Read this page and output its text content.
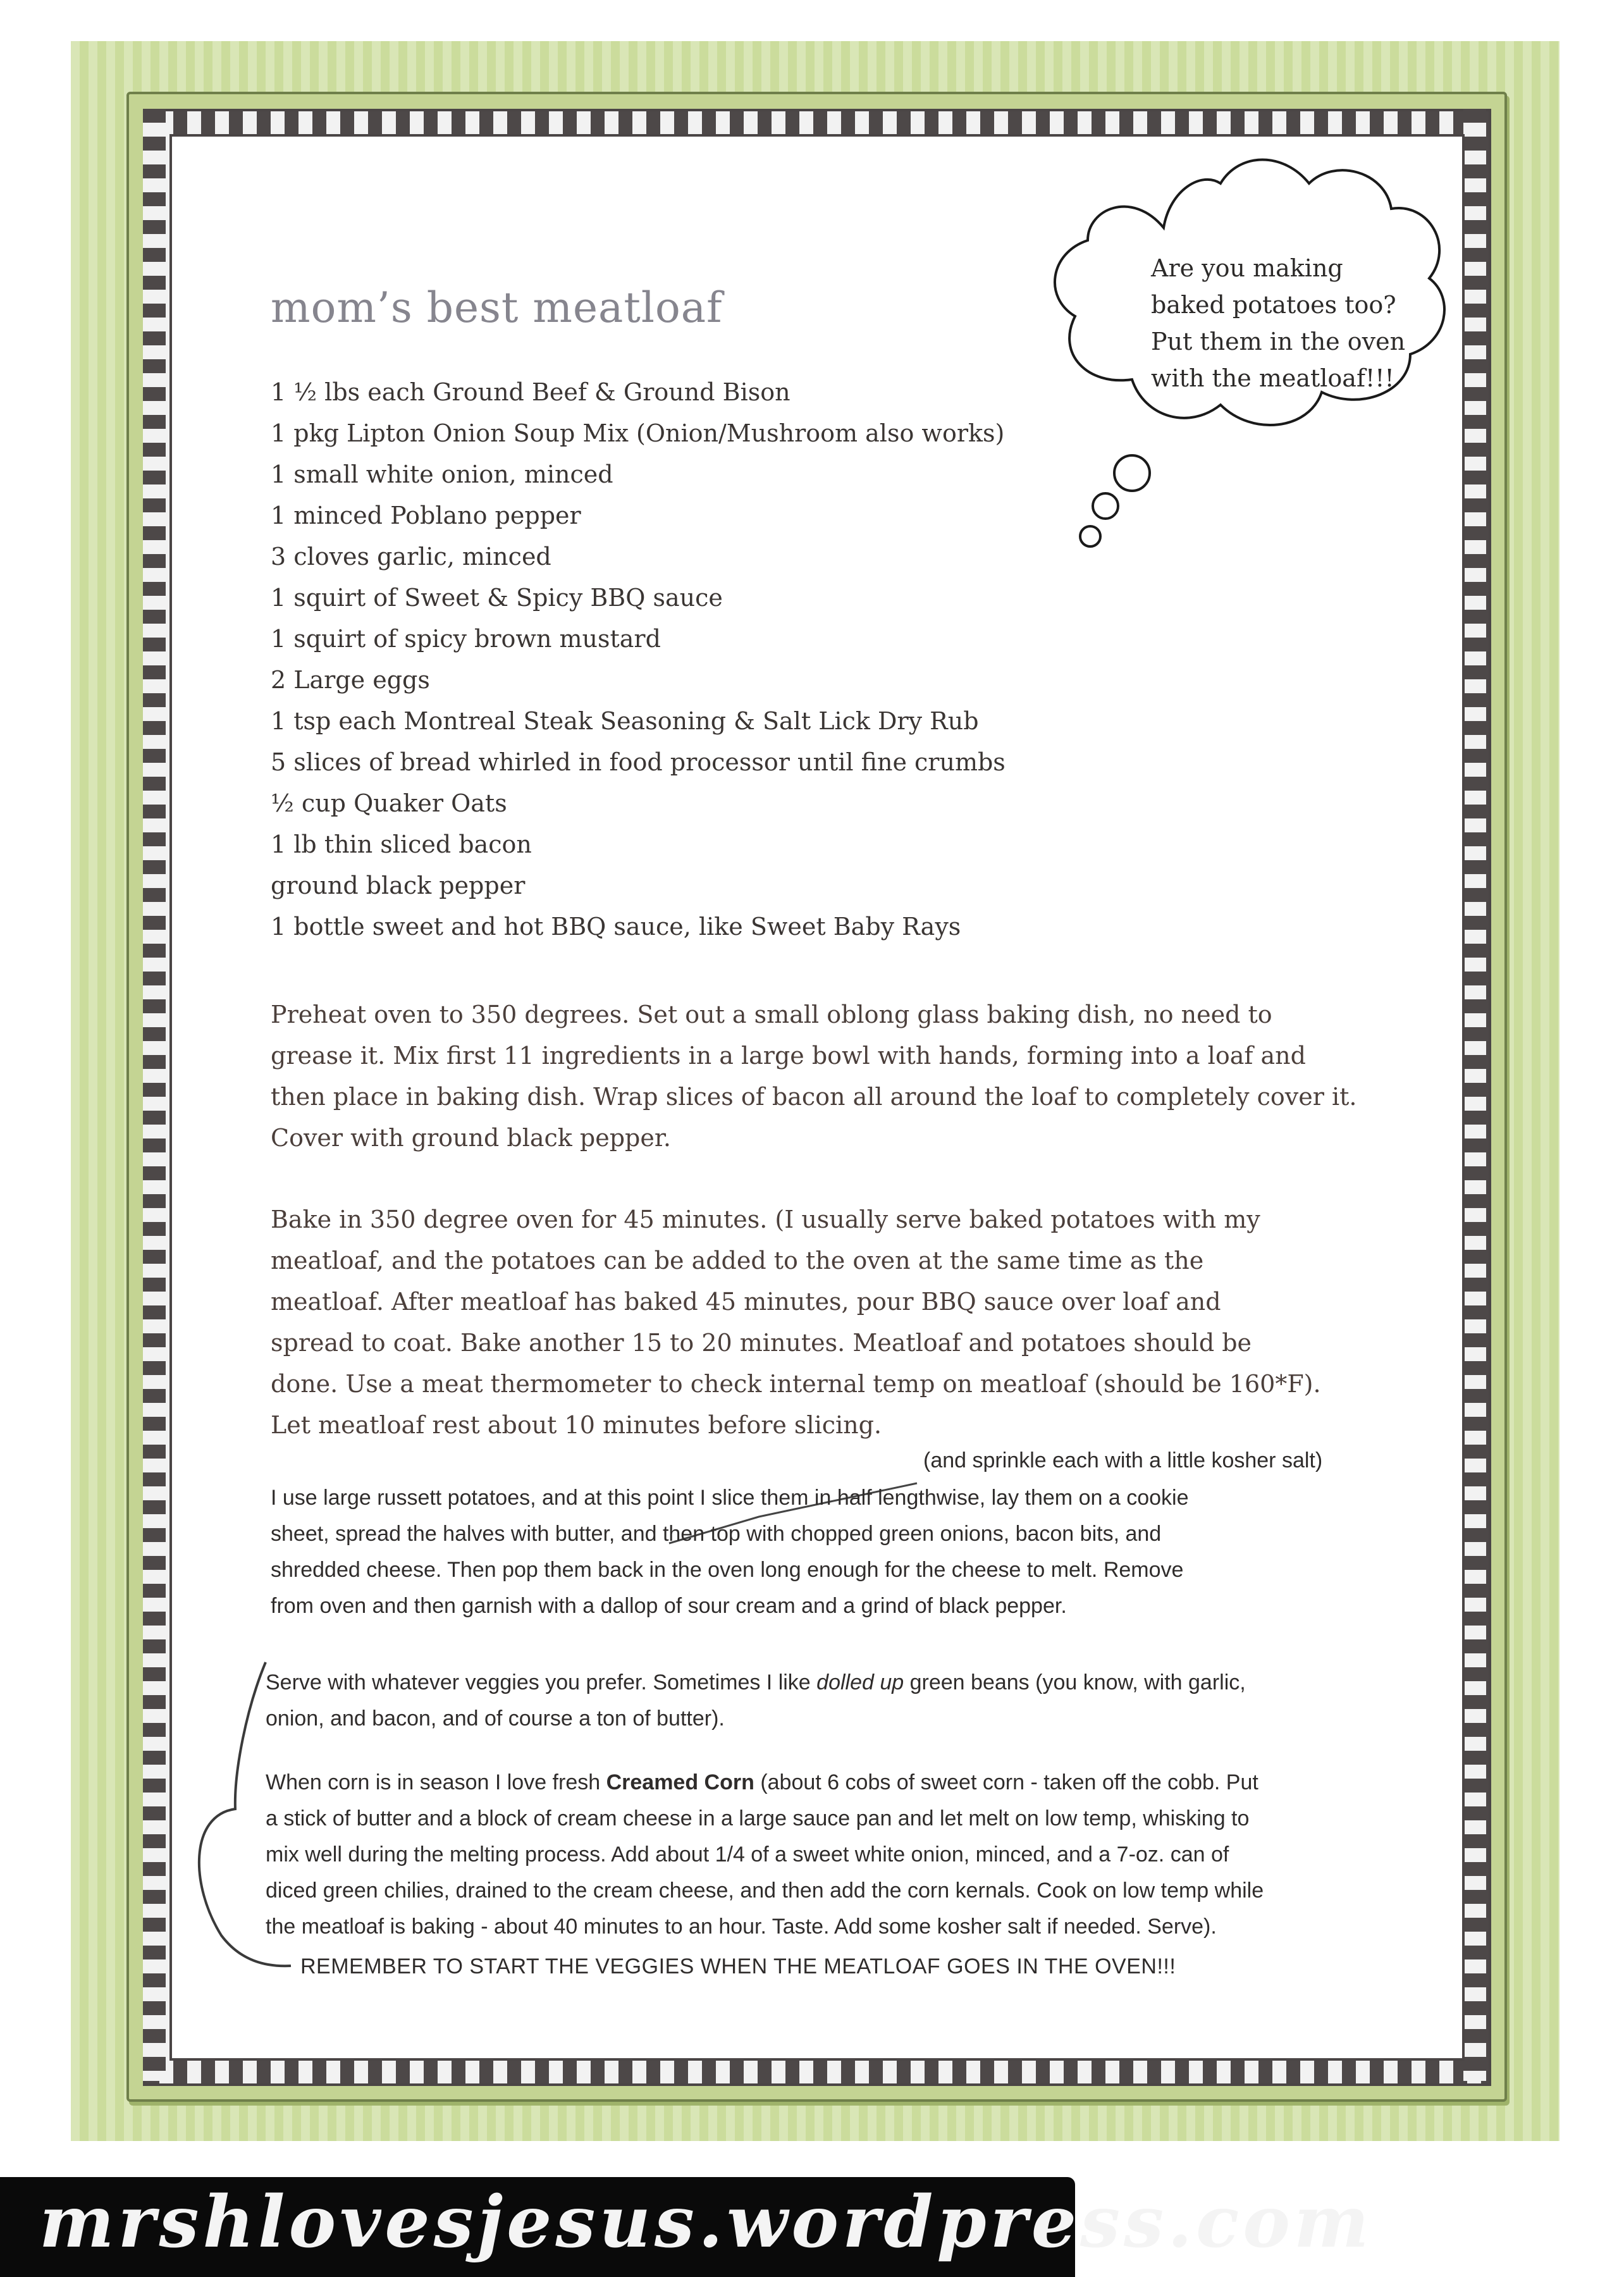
mom’s best meatloaf
Are you making
baked potatoes too?
Put them in the oven
with the meatloaf!!!
1 ½ lbs each Ground Beef & Ground Bison
1 pkg Lipton Onion Soup Mix (Onion/Mushroom also works)
1 small white onion, minced
1 minced Poblano pepper
3 cloves garlic, minced
1 squirt of Sweet & Spicy BBQ sauce
1 squirt of spicy brown mustard
2 Large eggs
1 tsp each Montreal Steak Seasoning & Salt Lick Dry Rub
5 slices of bread whirled in food processor until fine crumbs
½ cup Quaker Oats
1 lb thin sliced bacon
ground black pepper
1 bottle sweet and hot BBQ sauce, like Sweet Baby Rays
Preheat oven to 350 degrees. Set out a small oblong glass baking dish, no need to
grease it. Mix first 11 ingredients in a large bowl with hands, forming into a loaf and
then place in baking dish. Wrap slices of bacon all around the loaf to completely cover it.
Cover with ground black pepper.
Bake in 350 degree oven for 45 minutes. (I usually serve baked potatoes with my
meatloaf, and the potatoes can be added to the oven at the same time as the
meatloaf. After meatloaf has baked 45 minutes, pour BBQ sauce over loaf and
spread to coat. Bake another 15 to 20 minutes. Meatloaf and potatoes should be
done. Use a meat thermometer to check internal temp on meatloaf (should be 160*F).
Let meatloaf rest about 10 minutes before slicing.
(and sprinkle each with a little kosher salt)
I use large russett potatoes, and at this point I slice them in half lengthwise, lay them on a cookie
sheet, spread the halves with butter, and then top with chopped green onions, bacon bits, and
shredded cheese. Then pop them back in the oven long enough for the cheese to melt. Remove
from oven and then garnish with a dallop of sour cream and a grind of black pepper.
Serve with whatever veggies you prefer. Sometimes I like dolled up green beans (you know, with garlic,
onion, and bacon, and of course a ton of butter).
When corn is in season I love fresh Creamed Corn (about 6 cobs of sweet corn - taken off the cobb. Put
a stick of butter and a block of cream cheese in a large sauce pan and let melt on low temp, whisking to
mix well during the melting process. Add about 1/4 of a sweet white onion, minced, and a 7-oz. can of
diced green chilies, drained to the cream cheese, and then add the corn kernals. Cook on low temp while
the meatloaf is baking - about 40 minutes to an hour. Taste. Add some kosher salt if needed. Serve).
REMEMBER TO START THE VEGGIES WHEN THE MEATLOAF GOES IN THE OVEN!!!
mrshlovesjesus.wordpress.com
